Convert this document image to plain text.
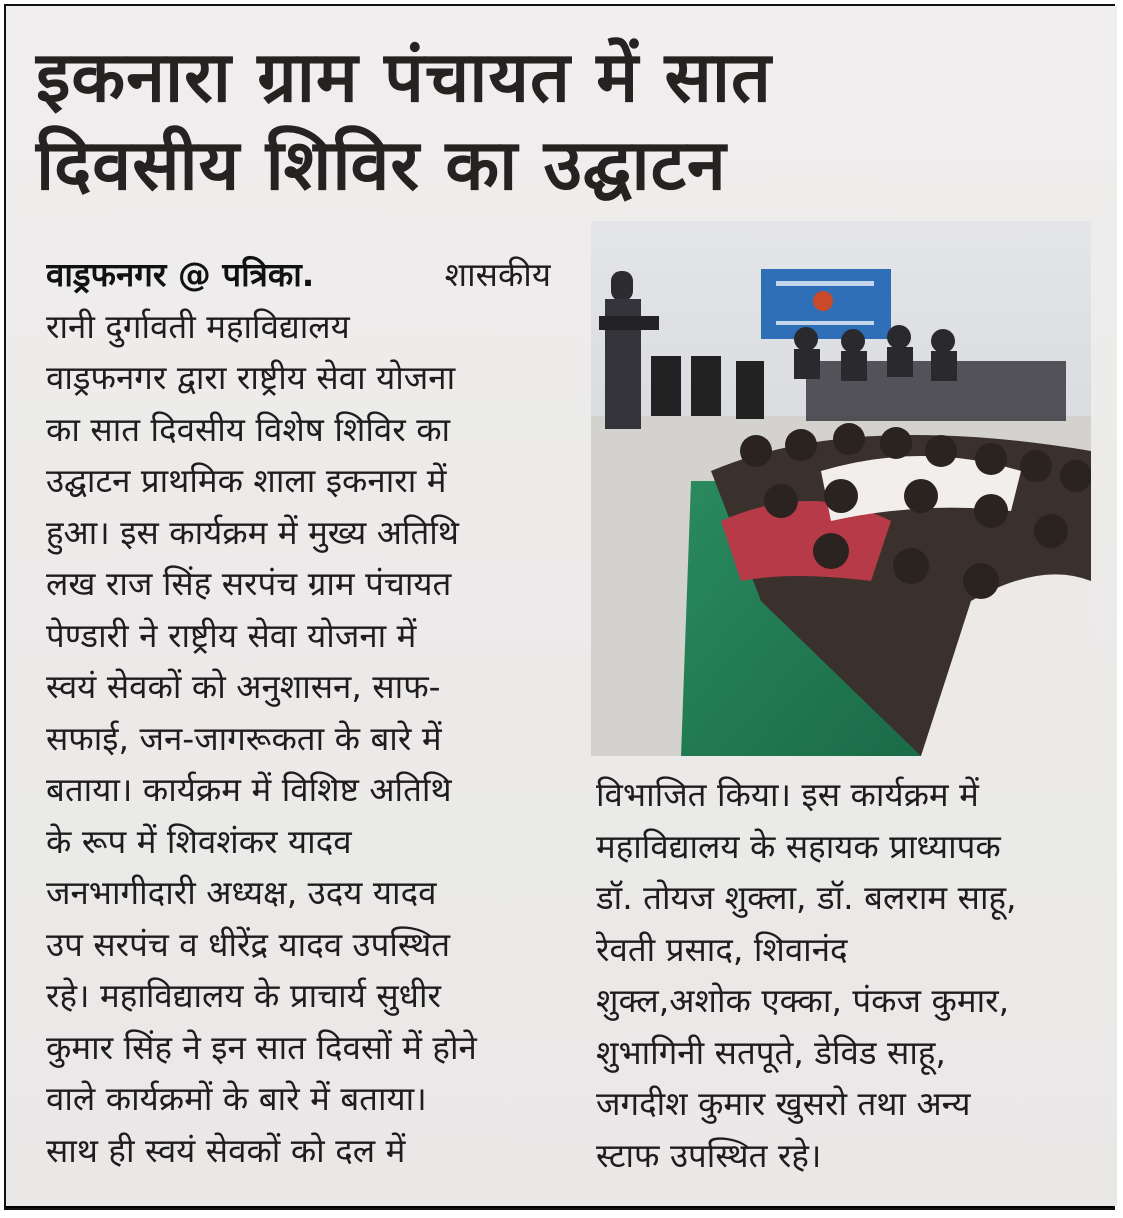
इकनारा ग्राम पंचायत में सात
दिवसीय शिविर का उद्घाटन
वाड्रफनगर @ पत्रिका.	शासकीय
रानी दुर्गावती महाविद्यालय
वाड्रफनगर द्वारा राष्ट्रीय सेवा योजना
का सात दिवसीय विशेष शिविर का
उद्घाटन प्राथमिक शाला इकनारा में
हुआ। इस कार्यक्रम में मुख्य अतिथि
लख राज सिंह सरपंच ग्राम पंचायत
पेण्डारी ने राष्ट्रीय सेवा योजना में
स्वयं सेवकों को अनुशासन, साफ-
सफाई, जन-जागरूकता के बारे में
बताया। कार्यक्रम में विशिष्ट अतिथि
के रूप में शिवशंकर यादव
जनभागीदारी अध्यक्ष, उदय यादव
उप सरपंच व धीरेंद्र यादव उपस्थित
रहे। महाविद्यालय के प्राचार्य सुधीर
कुमार सिंह ने इन सात दिवसों में होने
वाले कार्यक्रमों के बारे में बताया।
साथ ही स्वयं सेवकों को दल में
विभाजित किया। इस कार्यक्रम में
महाविद्यालय के सहायक प्राध्यापक
डॉ. तोयज शुक्ला, डॉ. बलराम साहू,
रेवती प्रसाद, शिवानंद
शुक्ल,अशोक एक्का, पंकज कुमार,
शुभागिनी सतपूते, डेविड साहू,
जगदीश कुमार खुसरो तथा अन्य
स्टाफ उपस्थित रहे।
